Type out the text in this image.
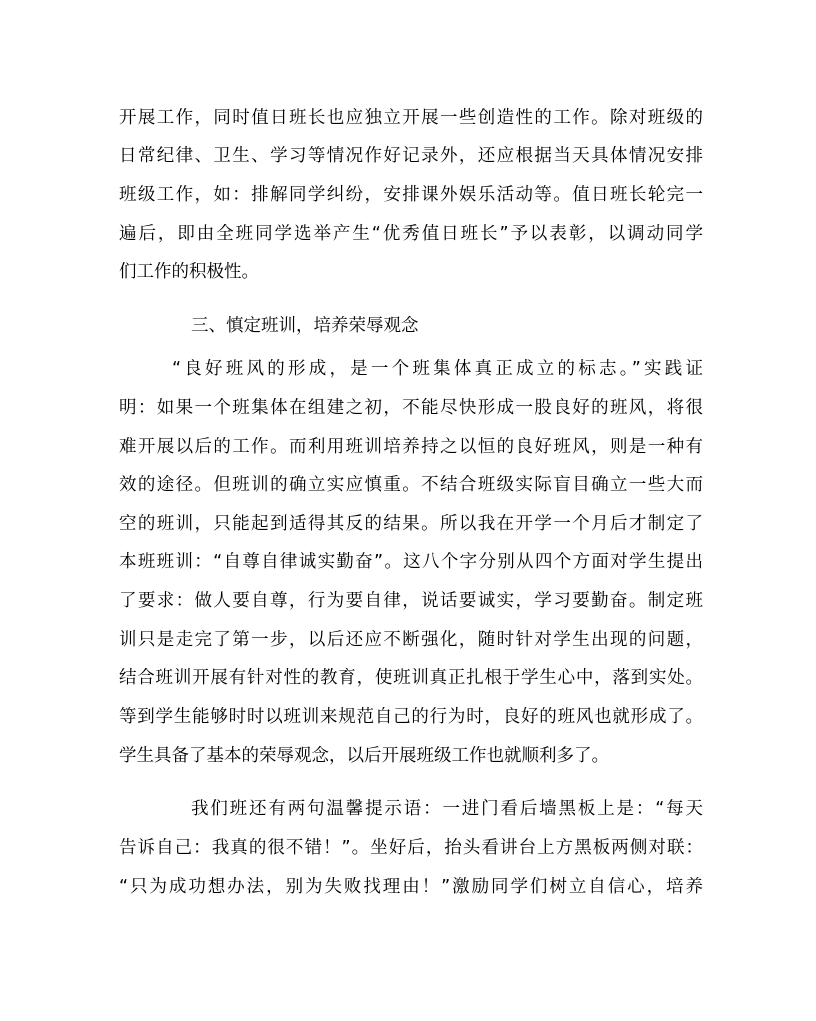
开展工作，同时值日班长也应独立开展一些创造性的工作。除对班级的
日常纪律、卫生、学习等情况作好记录外，还应根据当天具体情况安排
班级工作，如：排解同学纠纷，安排课外娱乐活动等。值日班长轮完一
遍后，即由全班同学选举产生“优秀值日班长”予以表彰，以调动同学
们工作的积极性。
三、慎定班训，培养荣辱观念
“良好班风的形成，是一个班集体真正成立的标志。”实践证
明：如果一个班集体在组建之初，不能尽快形成一股良好的班风，将很
难开展以后的工作。而利用班训培养持之以恒的良好班风，则是一种有
效的途径。但班训的确立实应慎重。不结合班级实际盲目确立一些大而
空的班训，只能起到适得其反的结果。所以我在开学一个月后才制定了
本班班训：“自尊自律诚实勤奋”。这八个字分别从四个方面对学生提出
了要求：做人要自尊，行为要自律，说话要诚实，学习要勤奋。制定班
训只是走完了第一步，以后还应不断强化，随时针对学生出现的问题，
结合班训开展有针对性的教育，使班训真正扎根于学生心中，落到实处。
等到学生能够时时以班训来规范自己的行为时，良好的班风也就形成了。
学生具备了基本的荣辱观念，以后开展班级工作也就顺利多了。
我们班还有两句温馨提示语：一进门看后墙黑板上是：“每天
告诉自己：我真的很不错！”。坐好后，抬头看讲台上方黑板两侧对联：
“只为成功想办法，别为失败找理由！”激励同学们树立自信心，培养
